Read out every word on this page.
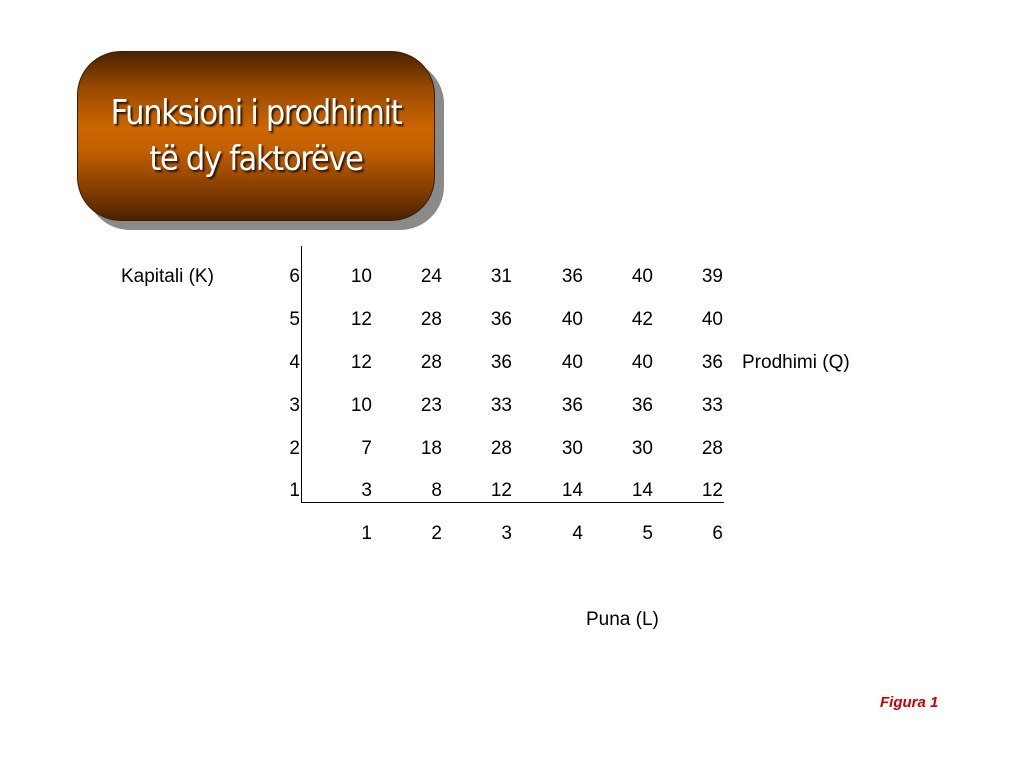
Funksioni i prodhimit të dy faktorëve
Kapitali (K)
Prodhimi (Q)
Puna (L)
6	10	24	31	36	40	39
5	12	28	36	40	42	40
4	12	28	36	40	40	36
3	10	23	33	36	36	33
2	7	18	28	30	30	28
1	3	8	12	14	14	12
1	2	3	4	5	6
Figura 1
